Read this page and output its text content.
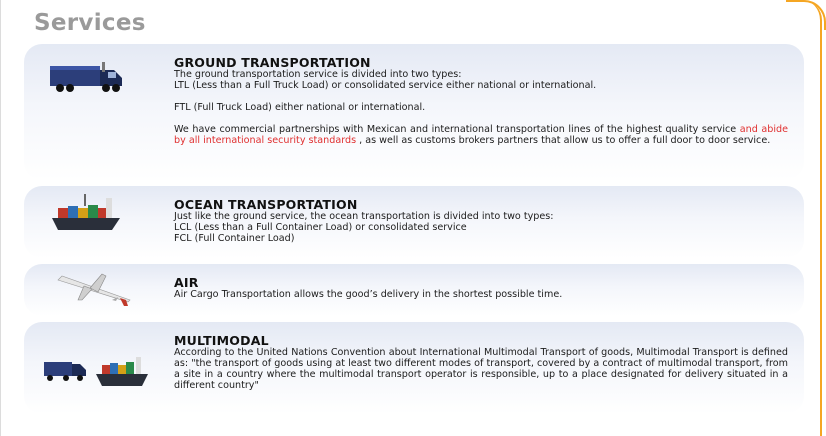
Services
GROUND TRANSPORTATION

The ground transportation service is divided into two types:

LTL (Less than a Full Truck Load) or consolidated service either national or international.

FTL (Full Truck Load) either national or international.

We have commercial partnerships with Mexican and international transportation lines of the highest quality service and abide by all international security standards , as well as customs brokers partners that allow us to offer a full door to door service.

OCEAN TRANSPORTATION

Just like the ground service, the ocean transportation is divided into two types:

LCL (Less than a Full Container Load) or consolidated service

FCL (Full Container Load)

AIR

Air Cargo Transportation allows the good’s delivery in the shortest possible time.

MULTIMODAL

According to the United Nations Convention about International Multimodal Transport of goods, Multimodal Transport is defined as: "the transport of goods using at least two different modes of transport, covered by a contract of multimodal transport, from a site in a country where the multimodal transport operator is responsible, up to a place designated for delivery situated in a different country"
